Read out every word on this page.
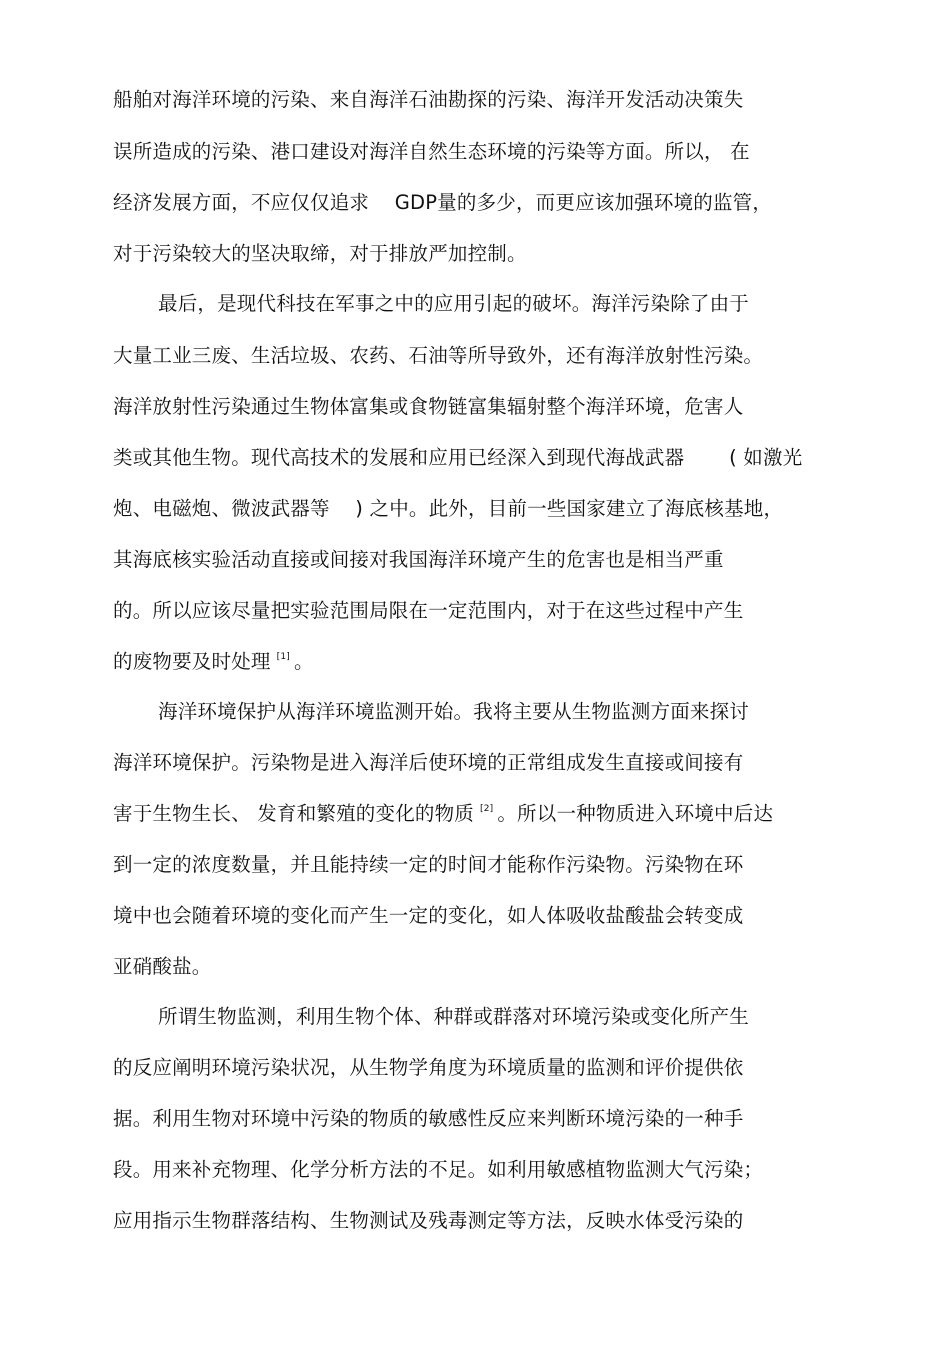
船舶对海洋环境的污染、来自海洋石油勘探的污染、海洋开发活动决策失
误所造成的污染、港口建设对海洋自然生态环境的污染等方面。所以， 在
经济发展方面，不应仅仅追求    GDP量的多少，而更应该加强环境的监管，
对于污染较大的坚决取缔，对于排放严加控制。
最后，是现代科技在军事之中的应用引起的破坏。海洋污染除了由于
大量工业三废、生活垃圾、农药、石油等所导致外，还有海洋放射性污染。
海洋放射性污染通过生物体富集或食物链富集辐射整个海洋环境，危害人
类或其他生物。现代高技术的发展和应用已经深入到现代海战武器       ( 如激光
炮、电磁炮、微波武器等    ) 之中。此外，目前一些国家建立了海底核基地，
其海底核实验活动直接或间接对我国海洋环境产生的危害也是相当严重
的。所以应该尽量把实验范围局限在一定范围内，对于在这些过程中产生
的废物要及时处理 [1] 。
海洋环境保护从海洋环境监测开始。我将主要从生物监测方面来探讨
海洋环境保护。污染物是进入海洋后使环境的正常组成发生直接或间接有
害于生物生长、 发育和繁殖的变化的物质 [2] 。所以一种物质进入环境中后达
到一定的浓度数量，并且能持续一定的时间才能称作污染物。污染物在环
境中也会随着环境的变化而产生一定的变化，如人体吸收盐酸盐会转变成
亚硝酸盐。
所谓生物监测，利用生物个体、种群或群落对环境污染或变化所产生
的反应阐明环境污染状况，从生物学角度为环境质量的监测和评价提供依
据。利用生物对环境中污染的物质的敏感性反应来判断环境污染的一种手
段。用来补充物理、化学分析方法的不足。如利用敏感植物监测大气污染；
应用指示生物群落结构、生物测试及残毒测定等方法，反映水体受污染的
